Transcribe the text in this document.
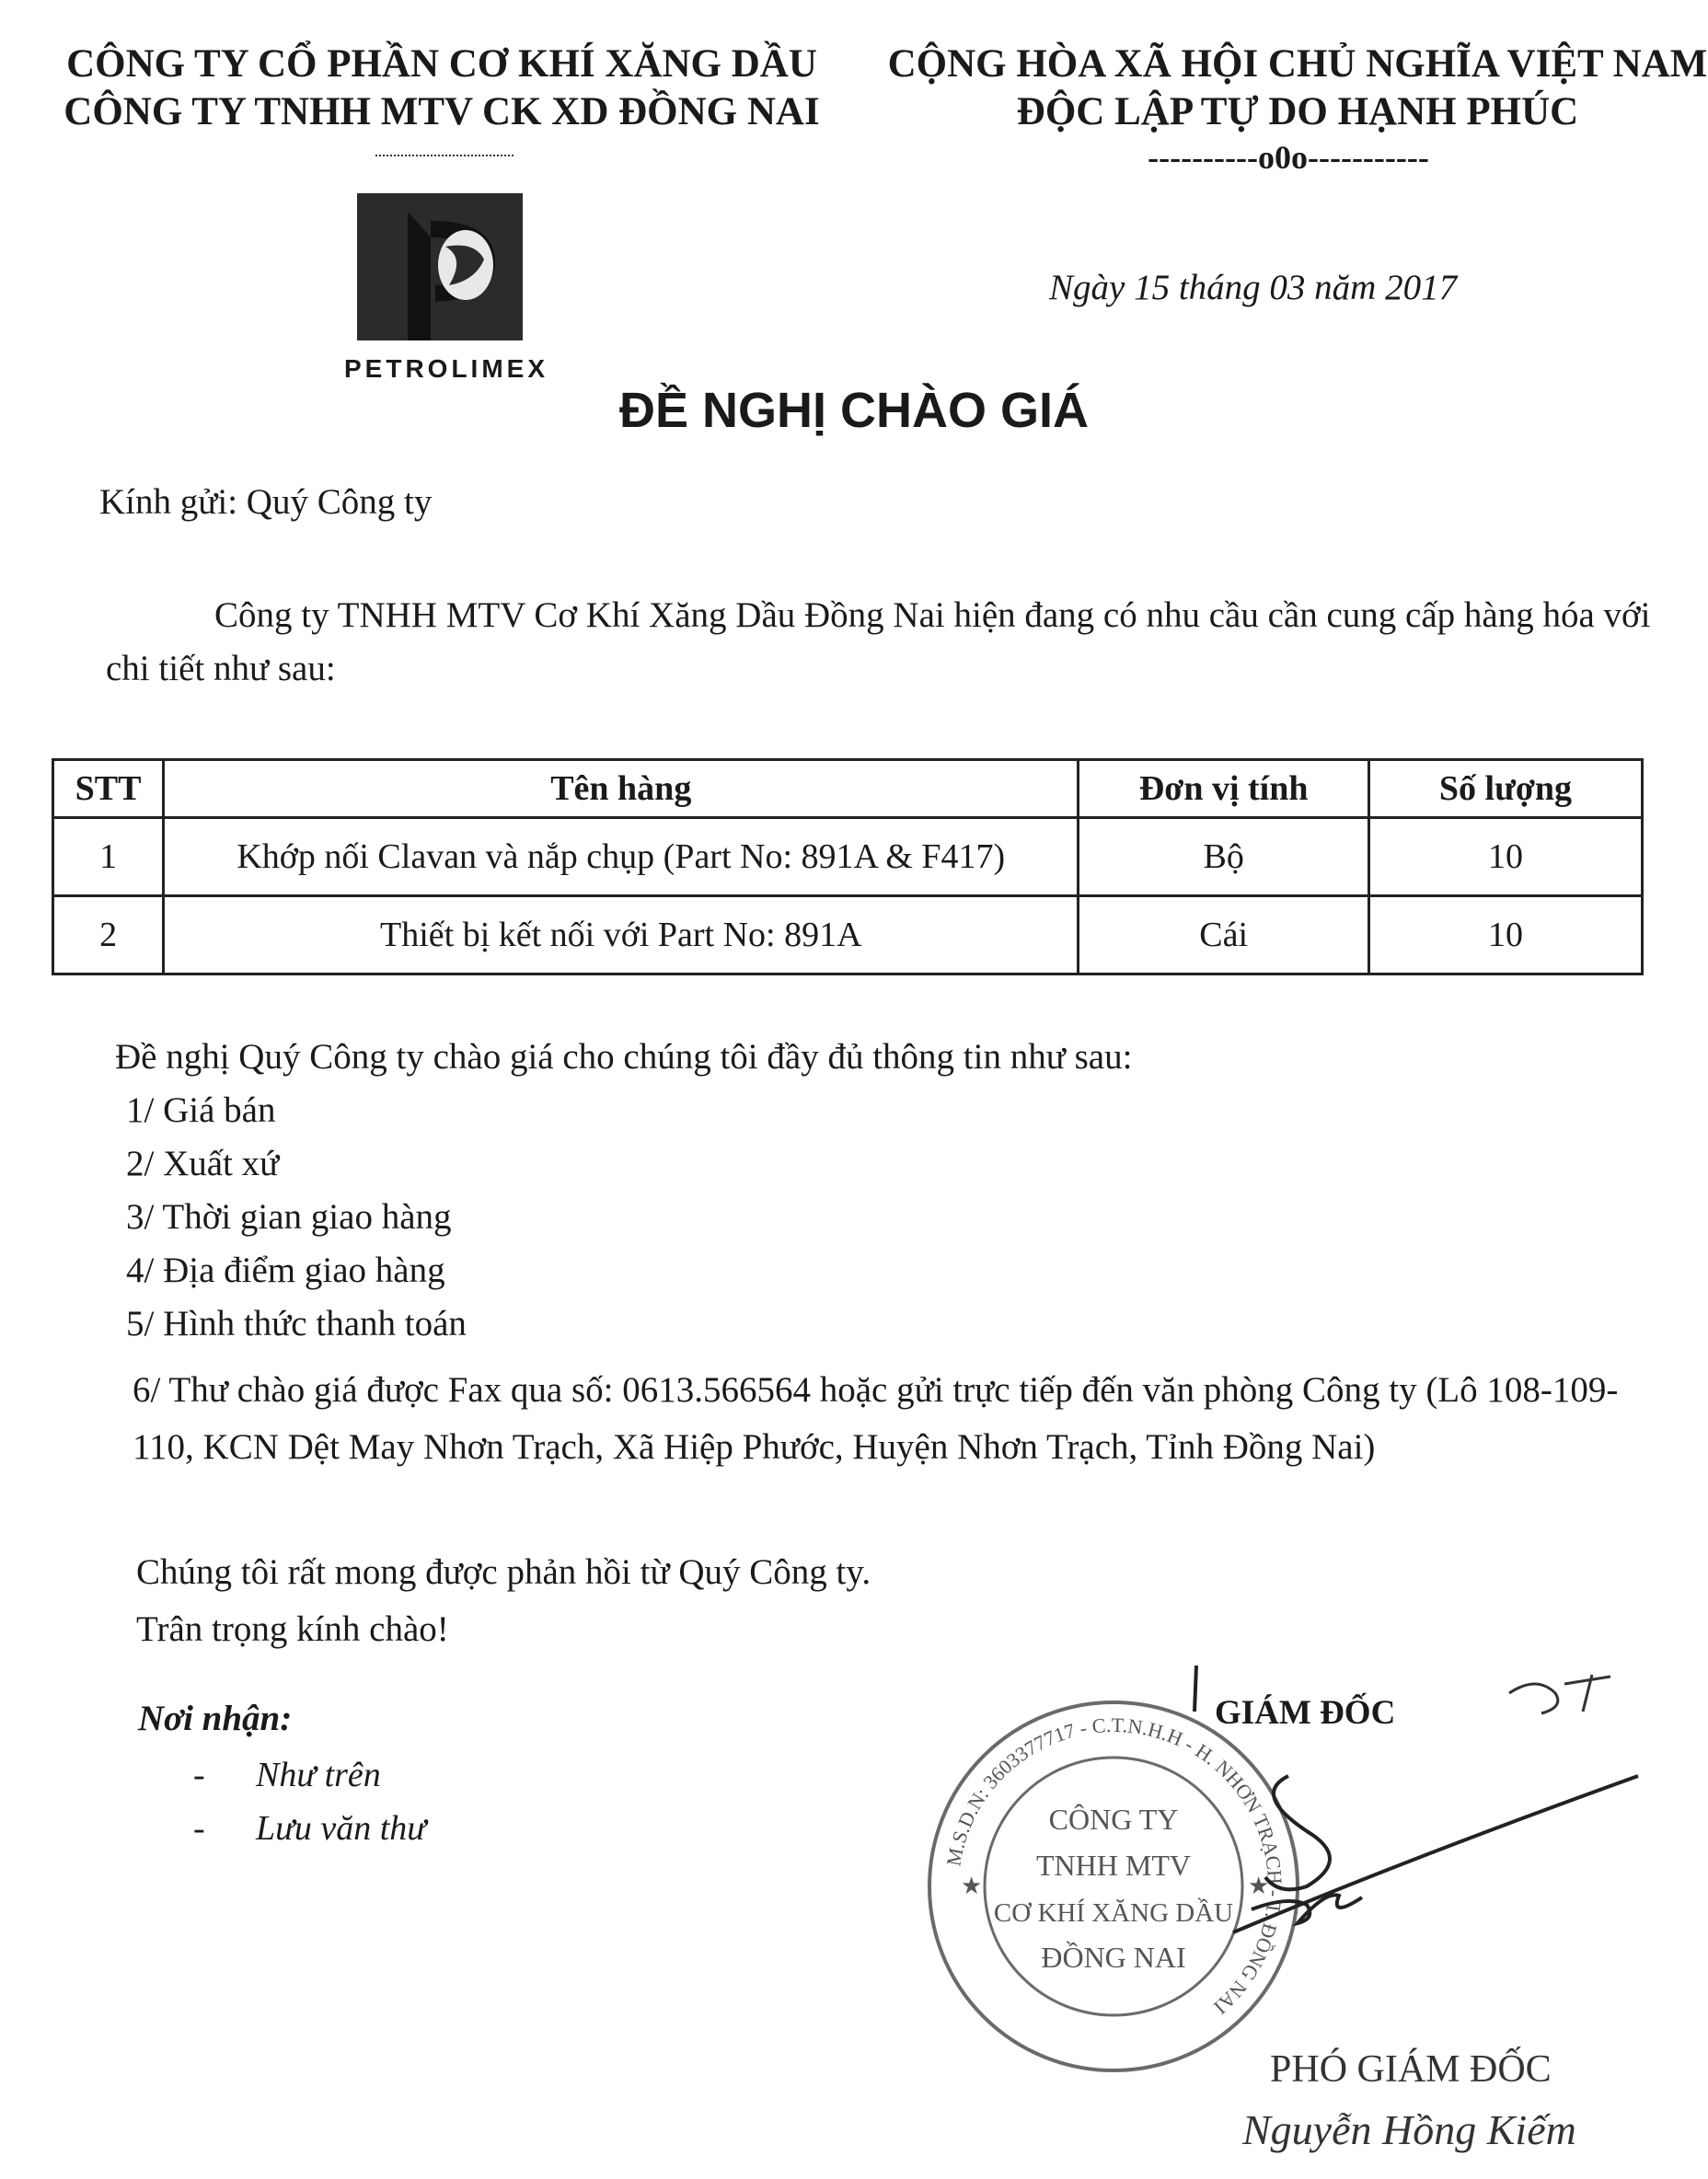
CÔNG TY CỔ PHẦN CƠ KHÍ XĂNG DẦU
CÔNG TY TNHH MTV CK XD ĐỒNG NAI
CỘNG HÒA XÃ HỘI CHỦ NGHĨA VIỆT NAM
ĐỘC LẬP TỰ DO HẠNH PHÚC
----------o0o-----------
PETROLIMEX
Ngày 15 tháng 03 năm 2017
ĐỀ NGHỊ CHÀO GIÁ
Kính gửi: Quý Công ty
Công ty TNHH MTV Cơ Khí Xăng Dầu Đồng Nai hiện đang có nhu cầu cần cung cấp hàng hóa với chi tiết như sau:
STT	Tên hàng	Đơn vị tính	Số lượng
1	Khớp nối Clavan và nắp chụp (Part No: 891A & F417)	Bộ	10
2	Thiết bị kết nối với Part No: 891A	Cái	10
Đề nghị Quý Công ty chào giá cho chúng tôi đầy đủ thông tin như sau:
1/ Giá bán
2/ Xuất xứ
3/ Thời gian giao hàng
4/ Địa điểm giao hàng
5/ Hình thức thanh toán
6/ Thư chào giá được Fax qua số: 0613.566564 hoặc gửi trực tiếp đến văn phòng Công ty (Lô 108-109-110, KCN Dệt May Nhơn Trạch, Xã Hiệp Phước, Huyện Nhơn Trạch, Tỉnh Đồng Nai)
Chúng tôi rất mong được phản hồi từ Quý Công ty.
Trân trọng kính chào!
Nơi nhận:
- Như trên
- Lưu văn thư
M.S.D.N: 3603377717 - C.T.N.H.H - H. NHƠN TRẠCH - T. ĐỒNG NAI
★	★
CÔNG TY
TNHH MTV
CƠ KHÍ XĂNG DẦU
ĐỒNG NAI
GIÁM ĐỐC
PHÓ GIÁM ĐỐC
Nguyễn Hồng Kiếm
